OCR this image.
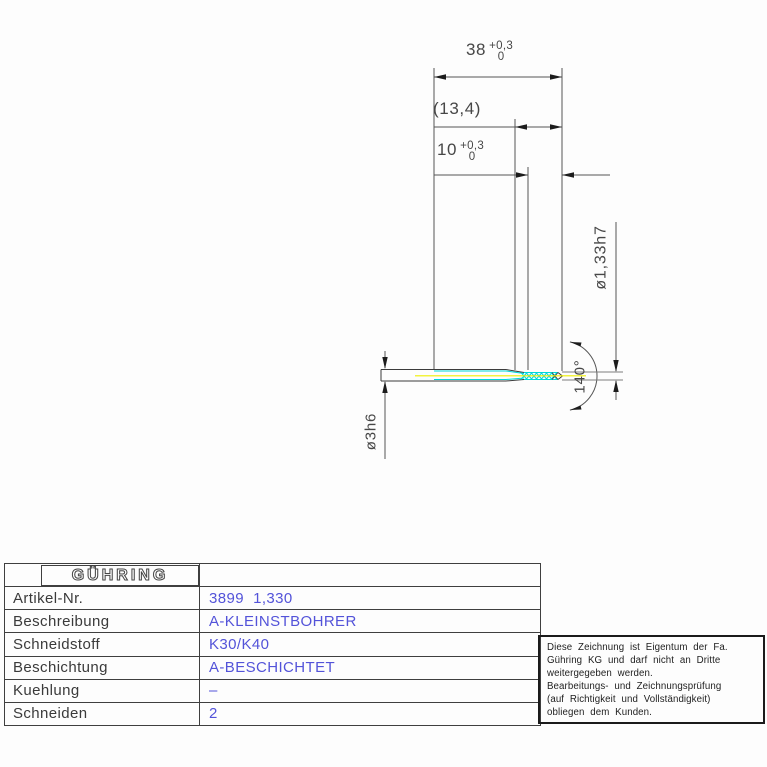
38 +0,3
0
(13,4)
10 +0,3
0
ø1,33h7
ø3h6
140°
GÜHRING
Artikel-Nr.	3899  1,330
Beschreibung	A-KLEINSTBOHRER
Schneidstoff	K30/K40
Beschichtung	A-BESCHICHTET
Kuehlung	–
Schneiden	2
Diese Zeichnung ist Eigentum der Fa.
Gühring KG und darf nicht an Dritte
weitergegeben werden.
Bearbeitungs- und Zeichnungsprüfung
(auf Richtigkeit und Vollständigkeit)
obliegen dem Kunden.
